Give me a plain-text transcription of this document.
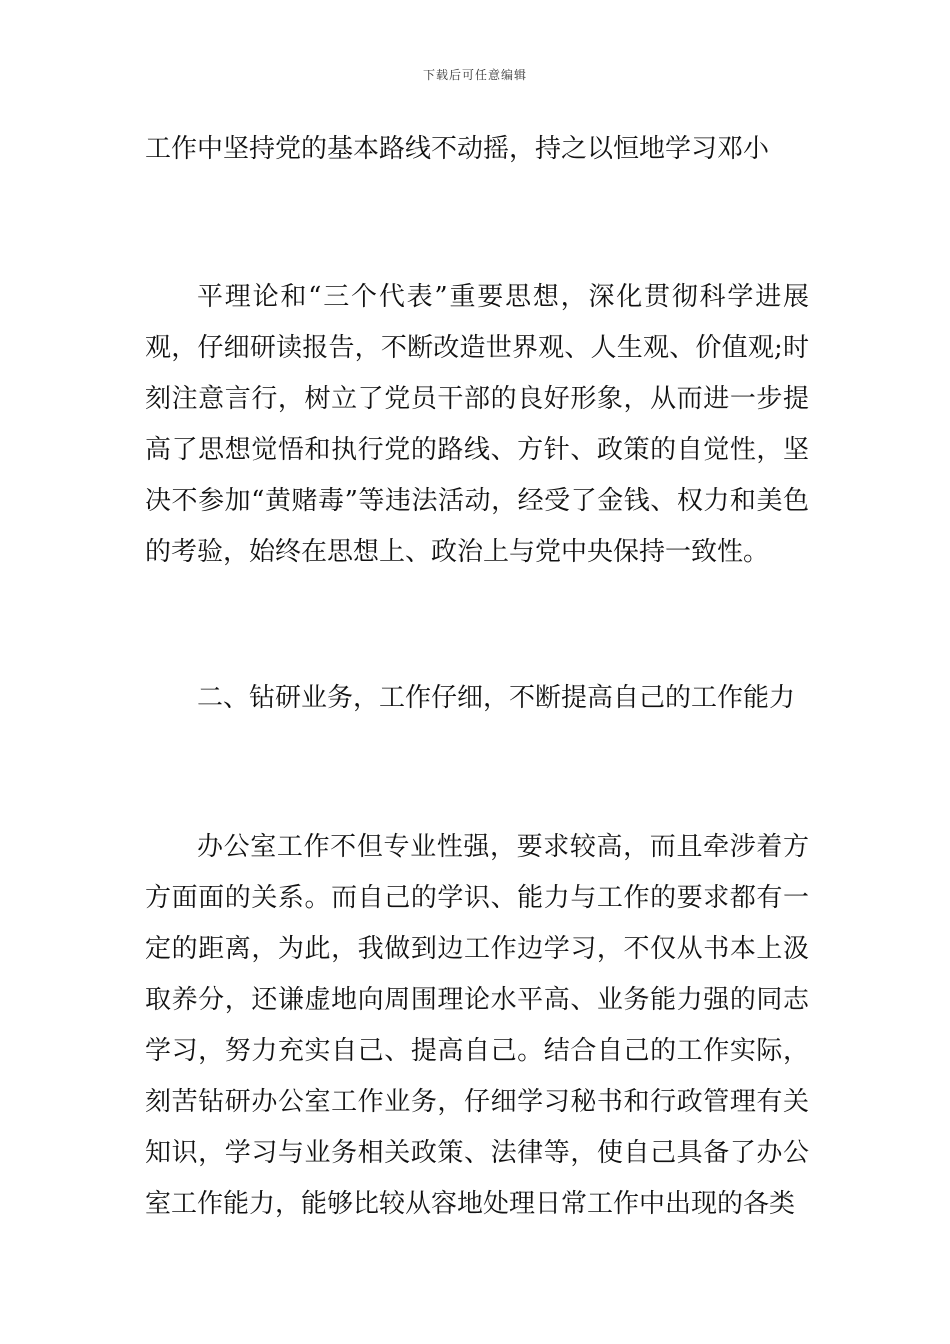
下载后可任意编辑
工作中坚持党的基本路线不动摇，持之以恒地学习邓小
平理论和“三个代表”重要思想，深化贯彻科学进展观，仔细研读报告，不断改造世界观、人生观、价值观;时刻注意言行，树立了党员干部的良好形象，从而进一步提高了思想觉悟和执行党的路线、方针、政策的自觉性，坚决不参加“黄赌毒”等违法活动，经受了金钱、权力和美色的考验，始终在思想上、政治上与党中央保持一致性。
二、钻研业务，工作仔细，不断提高自己的工作能力
办公室工作不但专业性强，要求较高，而且牵涉着方方面面的关系。而自己的学识、能力与工作的要求都有一定的距离，为此，我做到边工作边学习，不仅从书本上汲取养分，还谦虚地向周围理论水平高、业务能力强的同志学习，努力充实自己、提高自己。结合自己的工作实际，刻苦钻研办公室工作业务，仔细学习秘书和行政管理有关知识，学习与业务相关政策、法律等，使自己具备了办公室工作能力，能够比较从容地处理日常工作中出现的各类
